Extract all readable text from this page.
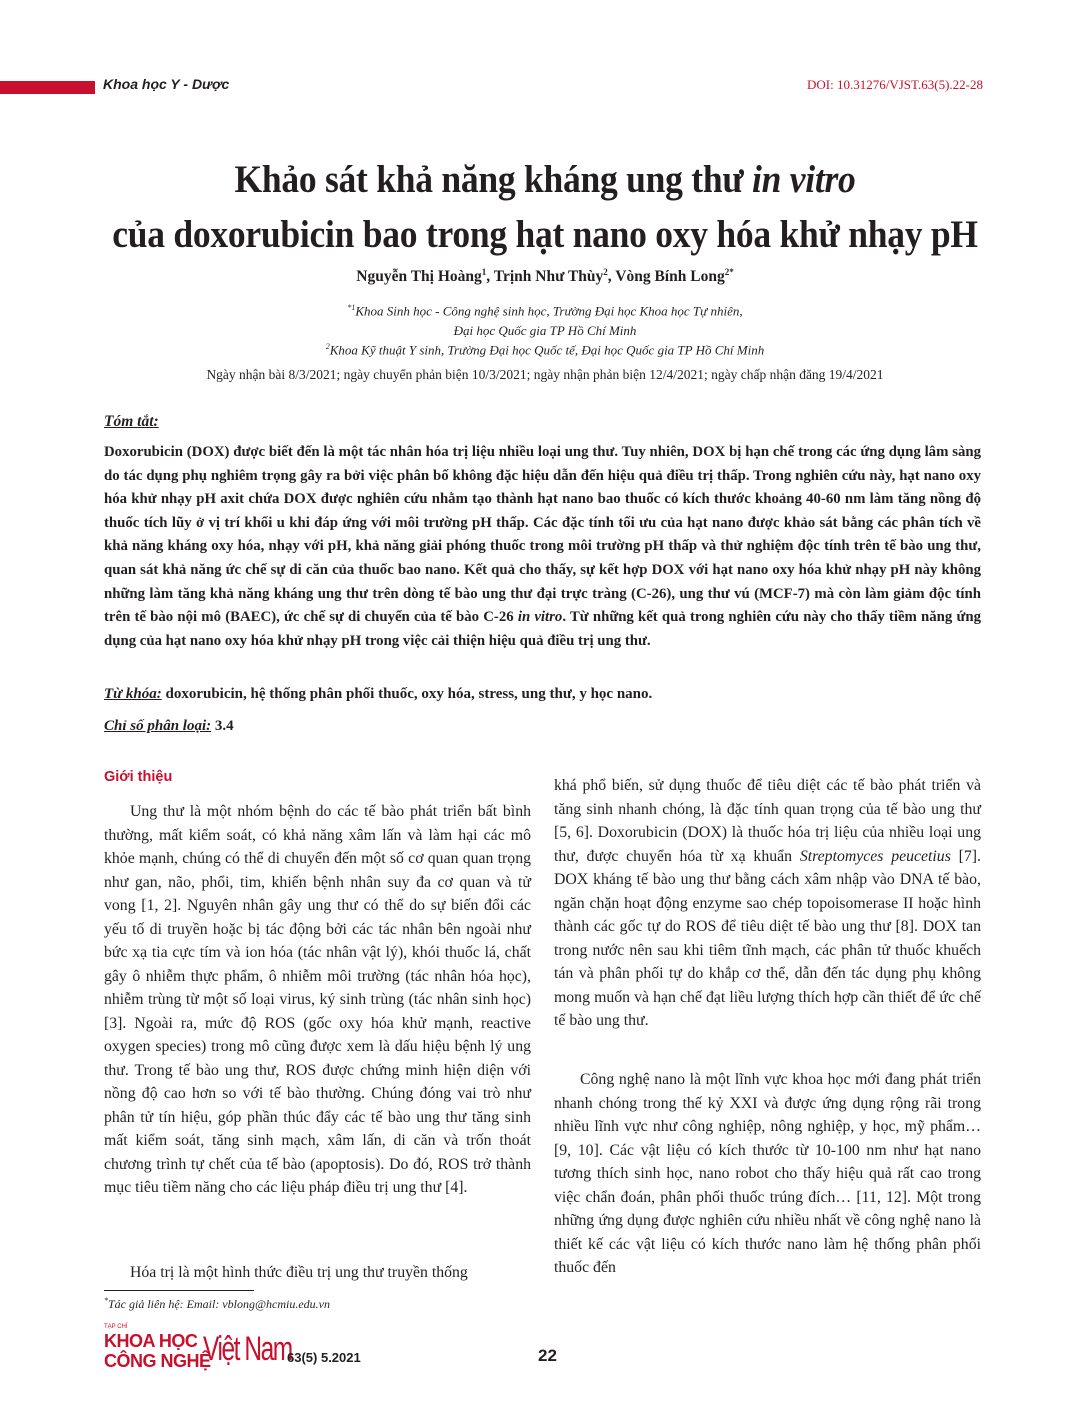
Khoa học Y - Dược	DOI: 10.31276/VJST.63(5).22-28
Khảo sát khả năng kháng ung thư in vitro
của doxorubicin bao trong hạt nano oxy hóa khử nhạy pH
Nguyễn Thị Hoàng$^1$, Trịnh Như Thùy$^2$, Vòng Bính Long$^{2*}$
$^{*1}$Khoa Sinh học - Công nghệ sinh học, Trường Đại học Khoa học Tự nhiên,
Đại học Quốc gia TP Hồ Chí Minh
$^2$Khoa Kỹ thuật Y sinh, Trường Đại học Quốc tế, Đại học Quốc gia TP Hồ Chí Minh
Ngày nhận bài 8/3/2021; ngày chuyển phản biện 10/3/2021; ngày nhận phản biện 12/4/2021; ngày chấp nhận đăng 19/4/2021
Tóm tắt:
Doxorubicin (DOX) được biết đến là một tác nhân hóa trị liệu nhiều loại ung thư. Tuy nhiên, DOX bị hạn chế trong các ứng dụng lâm sàng do tác dụng phụ nghiêm trọng gây ra bởi việc phân bố không đặc hiệu dẫn đến hiệu quả điều trị thấp. Trong nghiên cứu này, hạt nano oxy hóa khử nhạy pH axit chứa DOX được nghiên cứu nhằm tạo thành hạt nano bao thuốc có kích thước khoảng 40-60 nm làm tăng nồng độ thuốc tích lũy ở vị trí khối u khi đáp ứng với môi trường pH thấp. Các đặc tính tối ưu của hạt nano được khảo sát bằng các phân tích về khả năng kháng oxy hóa, nhạy với pH, khả năng giải phóng thuốc trong môi trường pH thấp và thử nghiệm độc tính trên tế bào ung thư, quan sát khả năng ức chế sự di căn của thuốc bao nano. Kết quả cho thấy, sự kết hợp DOX với hạt nano oxy hóa khử nhạy pH này không những làm tăng khả năng kháng ung thư trên dòng tế bào ung thư đại trực tràng (C-26), ung thư vú (MCF-7) mà còn làm giảm độc tính trên tế bào nội mô (BAEC), ức chế sự di chuyển của tế bào C-26 in vitro. Từ những kết quả trong nghiên cứu này cho thấy tiềm năng ứng dụng của hạt nano oxy hóa khử nhạy pH trong việc cải thiện hiệu quả điều trị ung thư.
Từ khóa: doxorubicin, hệ thống phân phối thuốc, oxy hóa, stress, ung thư, y học nano.
Chỉ số phân loại: 3.4
Giới thiệu

Ung thư là một nhóm bệnh do các tế bào phát triển bất bình thường, mất kiểm soát, có khả năng xâm lấn và làm hại các mô khỏe mạnh, chúng có thể di chuyển đến một số cơ quan quan trọng như gan, não, phổi, tim, khiến bệnh nhân suy đa cơ quan và tử vong [1, 2]. Nguyên nhân gây ung thư có thể do sự biến đổi các yếu tố di truyền hoặc bị tác động bởi các tác nhân bên ngoài như bức xạ tia cực tím và ion hóa (tác nhân vật lý), khói thuốc lá, chất gây ô nhiễm thực phẩm, ô nhiễm môi trường (tác nhân hóa học), nhiễm trùng từ một số loại virus, ký sinh trùng (tác nhân sinh học) [3]. Ngoài ra, mức độ ROS (gốc oxy hóa khử mạnh, reactive oxygen species) trong mô cũng được xem là dấu hiệu bệnh lý ung thư. Trong tế bào ung thư, ROS được chứng minh hiện diện với nồng độ cao hơn so với tế bào thường. Chúng đóng vai trò như phân tử tín hiệu, góp phần thúc đẩy các tế bào ung thư tăng sinh mất kiểm soát, tăng sinh mạch, xâm lấn, di căn và trốn thoát chương trình tự chết của tế bào (apoptosis). Do đó, ROS trở thành mục tiêu tiềm năng cho các liệu pháp điều trị ung thư [4].

Hóa trị là một hình thức điều trị ung thư truyền thống

khá phổ biến, sử dụng thuốc để tiêu diệt các tế bào phát triển và tăng sinh nhanh chóng, là đặc tính quan trọng của tế bào ung thư [5, 6]. Doxorubicin (DOX) là thuốc hóa trị liệu của nhiều loại ung thư, được chuyển hóa từ xạ khuẩn Streptomyces peucetius [7]. DOX kháng tế bào ung thư bằng cách xâm nhập vào DNA tế bào, ngăn chặn hoạt động enzyme sao chép topoisomerase II hoặc hình thành các gốc tự do ROS để tiêu diệt tế bào ung thư [8]. DOX tan trong nước nên sau khi tiêm tĩnh mạch, các phân tử thuốc khuếch tán và phân phối tự do khắp cơ thể, dẫn đến tác dụng phụ không mong muốn và hạn chế đạt liều lượng thích hợp cần thiết để ức chế tế bào ung thư.

Công nghệ nano là một lĩnh vực khoa học mới đang phát triển nhanh chóng trong thế kỷ XXI và được ứng dụng rộng rãi trong nhiều lĩnh vực như công nghiệp, nông nghiệp, y học, mỹ phẩm…[9, 10]. Các vật liệu có kích thước từ 10-100 nm như hạt nano tương thích sinh học, nano robot cho thấy hiệu quả rất cao trong việc chẩn đoán, phân phối thuốc trúng đích… [11, 12]. Một trong những ứng dụng được nghiên cứu nhiều nhất về công nghệ nano là thiết kế các vật liệu có kích thước nano làm hệ thống phân phối thuốc đến

*Tác giả liên hệ: Email: vblong@hcmiu.edu.vn
TẠP CHÍ
KHOA HỌC
CÔNG NGHỆ
Việt Nam
63(5) 5.2021	22
